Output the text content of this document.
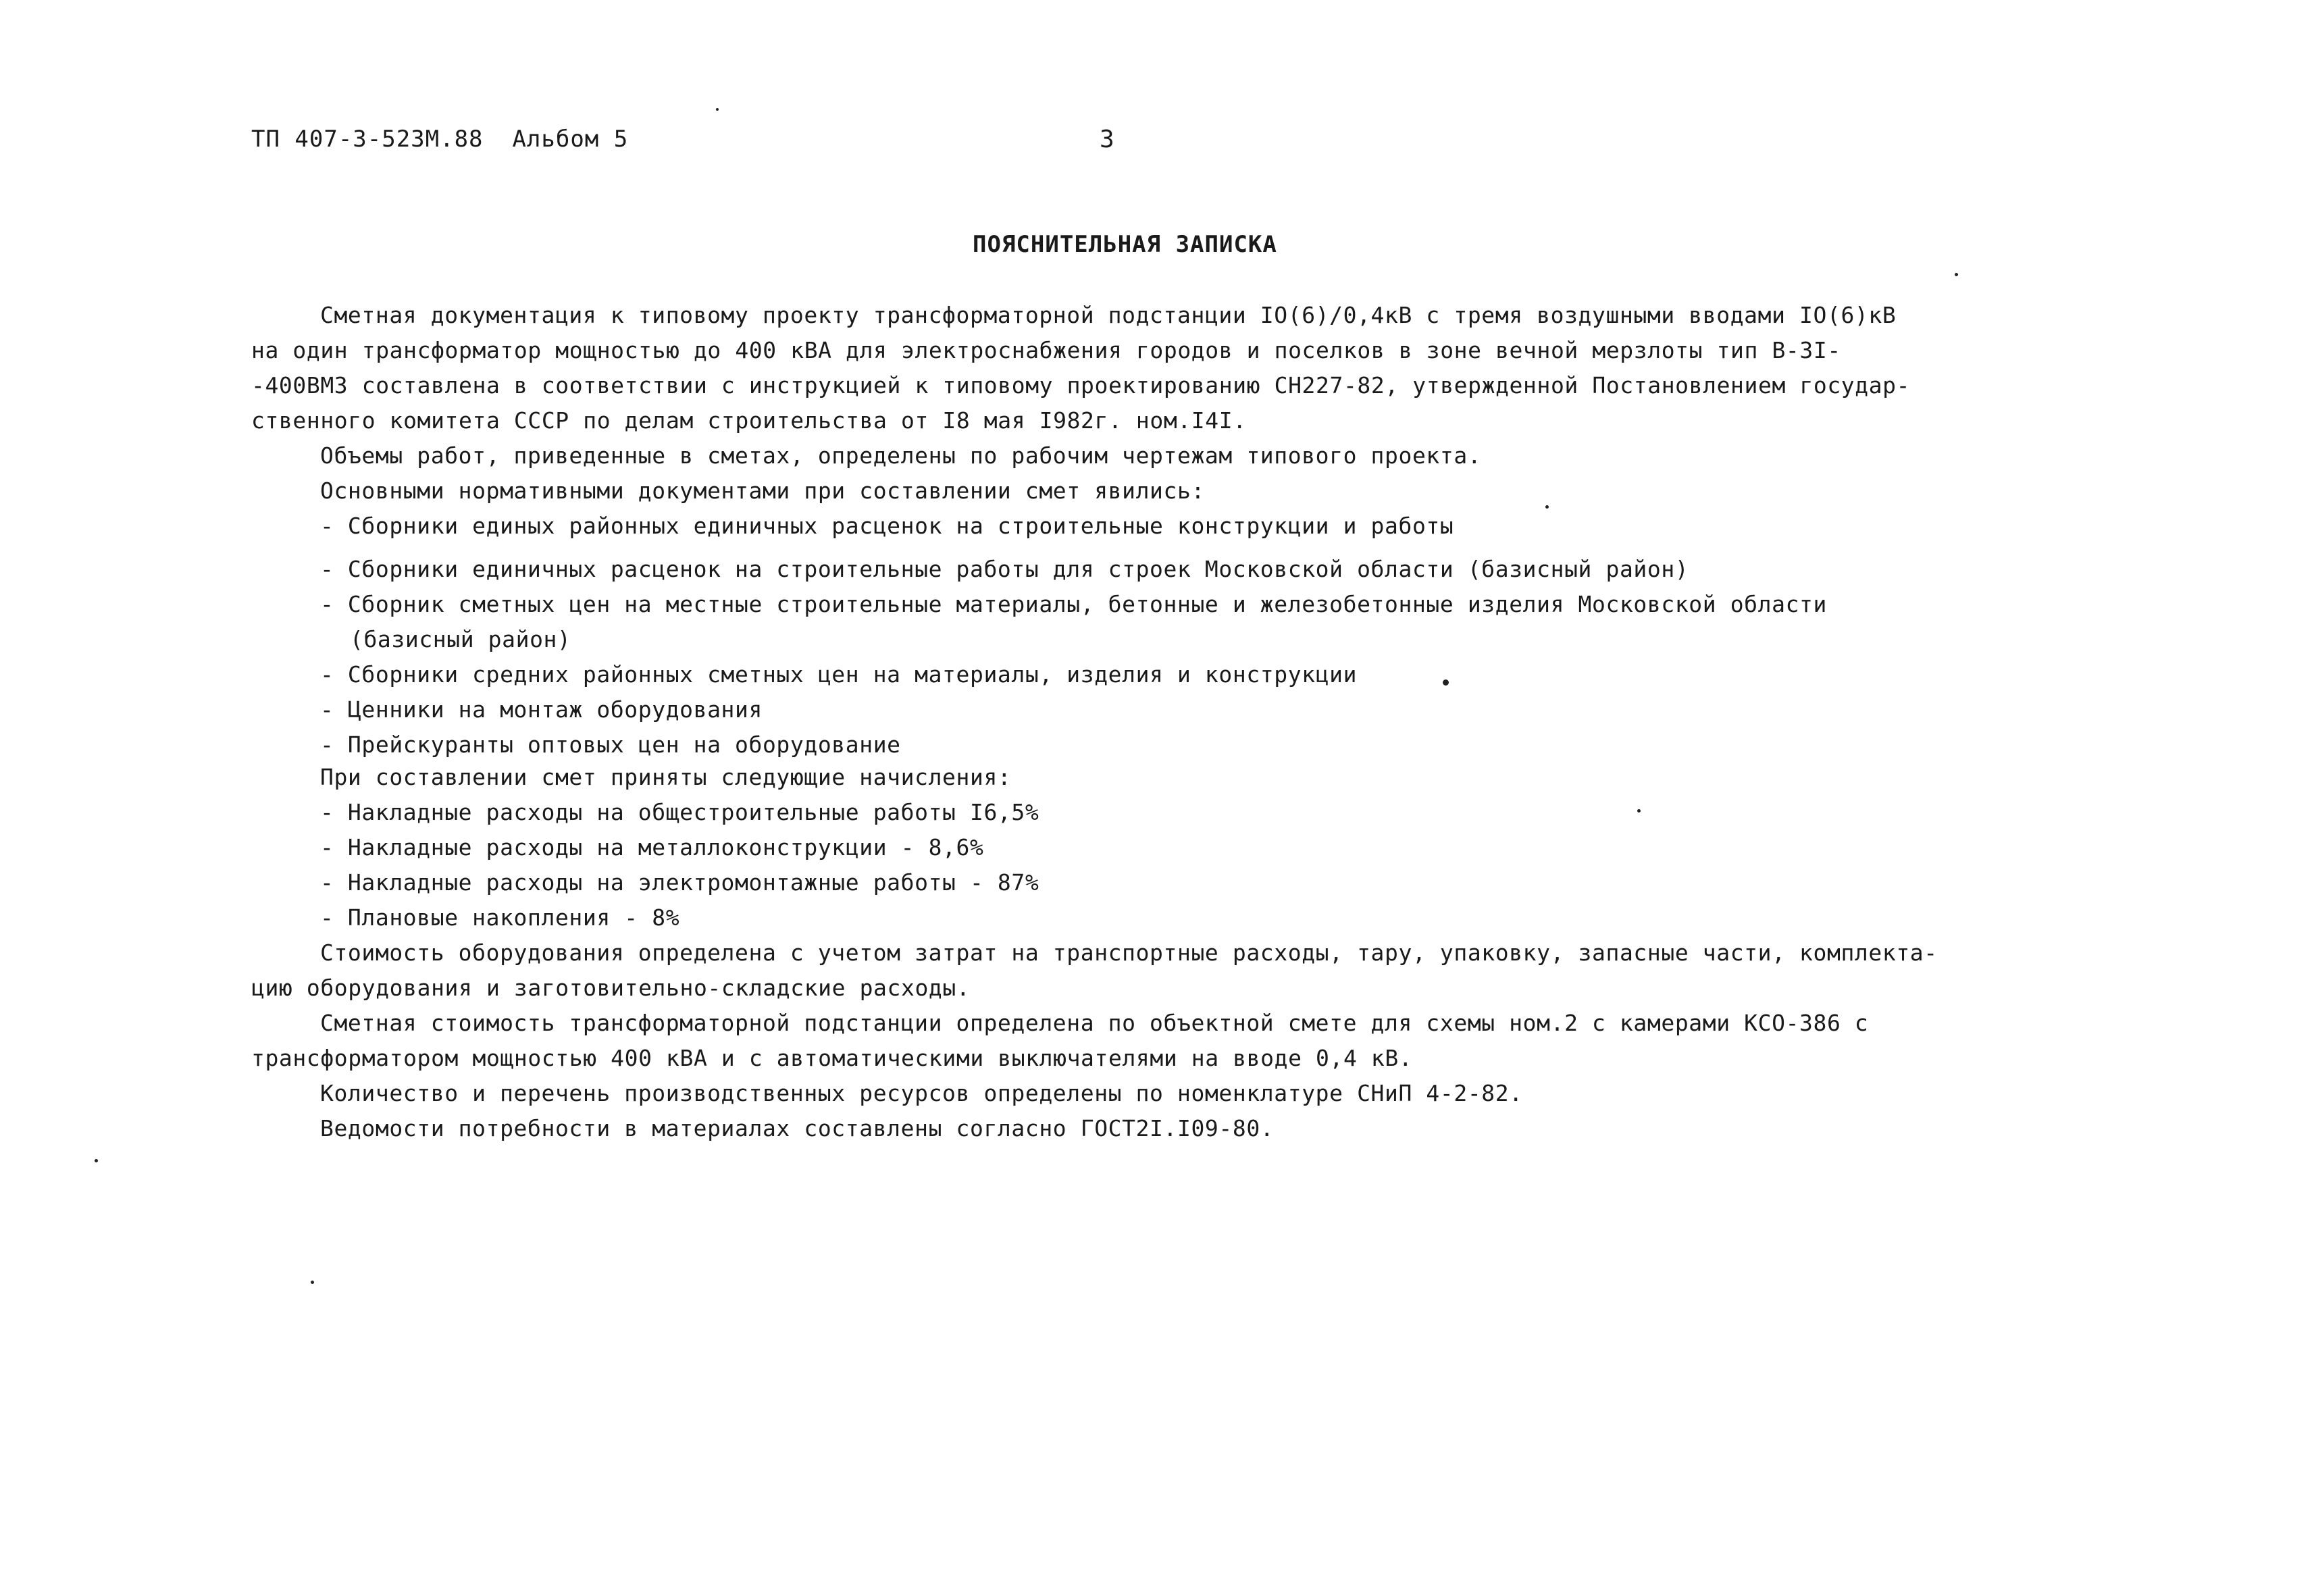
ТП 407-3-523М.88  Альбом 5	3
ПОЯСНИТЕЛЬНАЯ ЗАПИСКА
Сметная документация к типовому проекту трансформаторной подстанции IO(6)/0,4кВ с тремя воздушными вводами IO(6)кВ
на один трансформатор мощностью до 400 кВА для электроснабжения городов и поселков в зоне вечной мерзлоты тип В-3I-
-400ВМЗ составлена в соответствии с инструкцией к типовому проектированию СН227-82, утвержденной Постановлением государ-
ственного комитета СССР по делам строительства от I8 мая I982г. ном.I4I.
Объемы работ, приведенные в сметах, определены по рабочим чертежам типового проекта.
Основными нормативными документами при составлении смет явились:
- Сборники единых районных единичных расценок на строительные конструкции и работы
- Сборники единичных расценок на строительные работы для строек Московской области (базисный район)
- Сборник сметных цен на местные строительные материалы, бетонные и железобетонные изделия Московской области
(базисный район)
- Сборники средних районных сметных цен на материалы, изделия и конструкции
- Ценники на монтаж оборудования
- Прейскуранты оптовых цен на оборудование
При составлении смет приняты следующие начисления:
- Накладные расходы на общестроительные работы I6,5%
- Накладные расходы на металлоконструкции - 8,6%
- Накладные расходы на электромонтажные работы - 87%
- Плановые накопления - 8%
Стоимость оборудования определена с учетом затрат на транспортные расходы, тару, упаковку, запасные части, комплекта-
цию оборудования и заготовительно-складские расходы.
Сметная стоимость трансформаторной подстанции определена по объектной смете для схемы ном.2 с камерами КСО-386 с
трансформатором мощностью 400 кВА и с автоматическими выключателями на вводе 0,4 кВ.
Количество и перечень производственных ресурсов определены по номенклатуре СНиП 4-2-82.
Ведомости потребности в материалах составлены согласно ГОСТ2I.I09-80.
